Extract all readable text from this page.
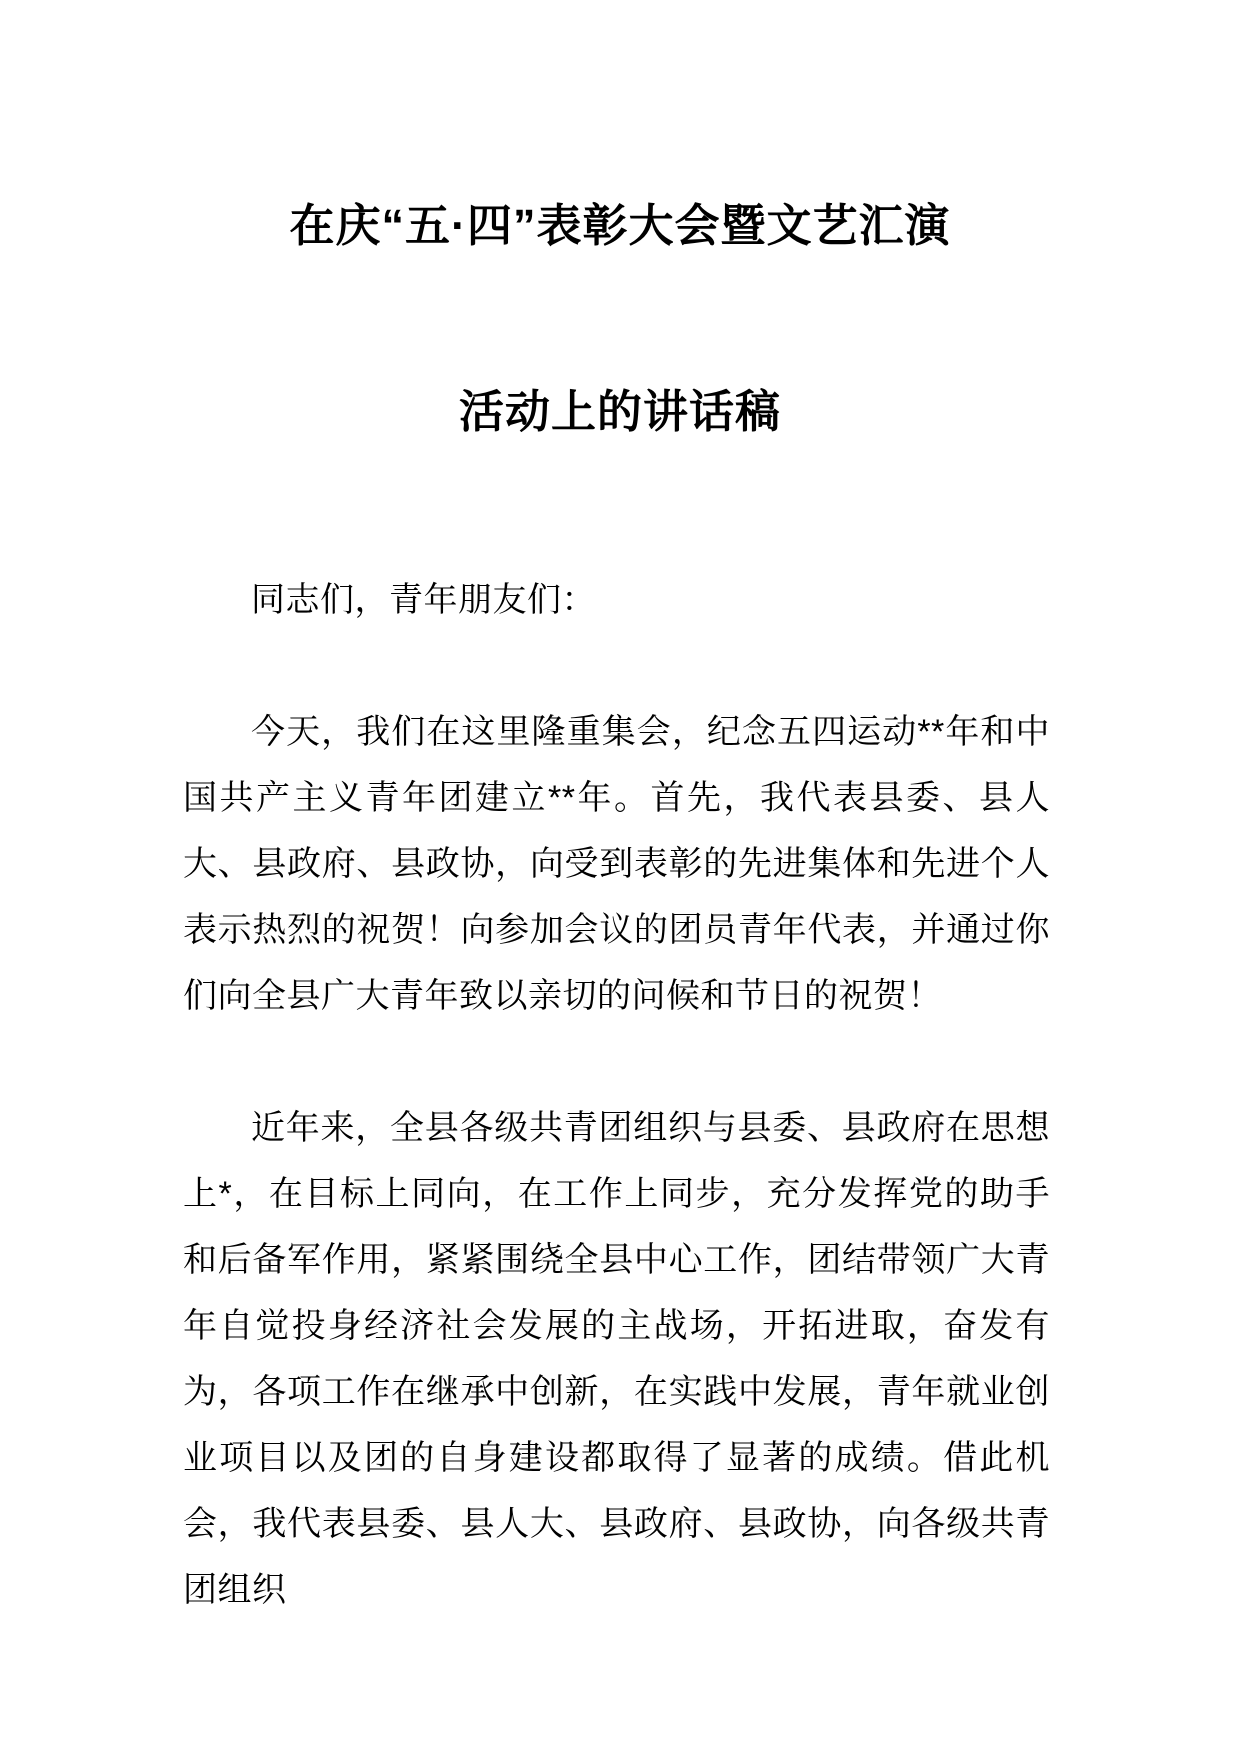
在庆“五·四”表彰大会暨文艺汇演
活动上的讲话稿

同志们，青年朋友们：

今天，我们在这里隆重集会，纪念五四运动**年和中国共产主义青年团建立**年。首先，我代表县委、县人大、县政府、县政协，向受到表彰的先进集体和先进个人表示热烈的祝贺！向参加会议的团员青年代表，并通过你们向全县广大青年致以亲切的问候和节日的祝贺！

近年来，全县各级共青团组织与县委、县政府在思想上*，在目标上同向，在工作上同步，充分发挥党的助手和后备军作用，紧紧围绕全县中心工作，团结带领广大青年自觉投身经济社会发展的主战场，开拓进取，奋发有为，各项工作在继承中创新，在实践中发展，青年就业创业项目以及团的自身建设都取得了显著的成绩。借此机会，我代表县委、县人大、县政府、县政协，向各级共青团组织
